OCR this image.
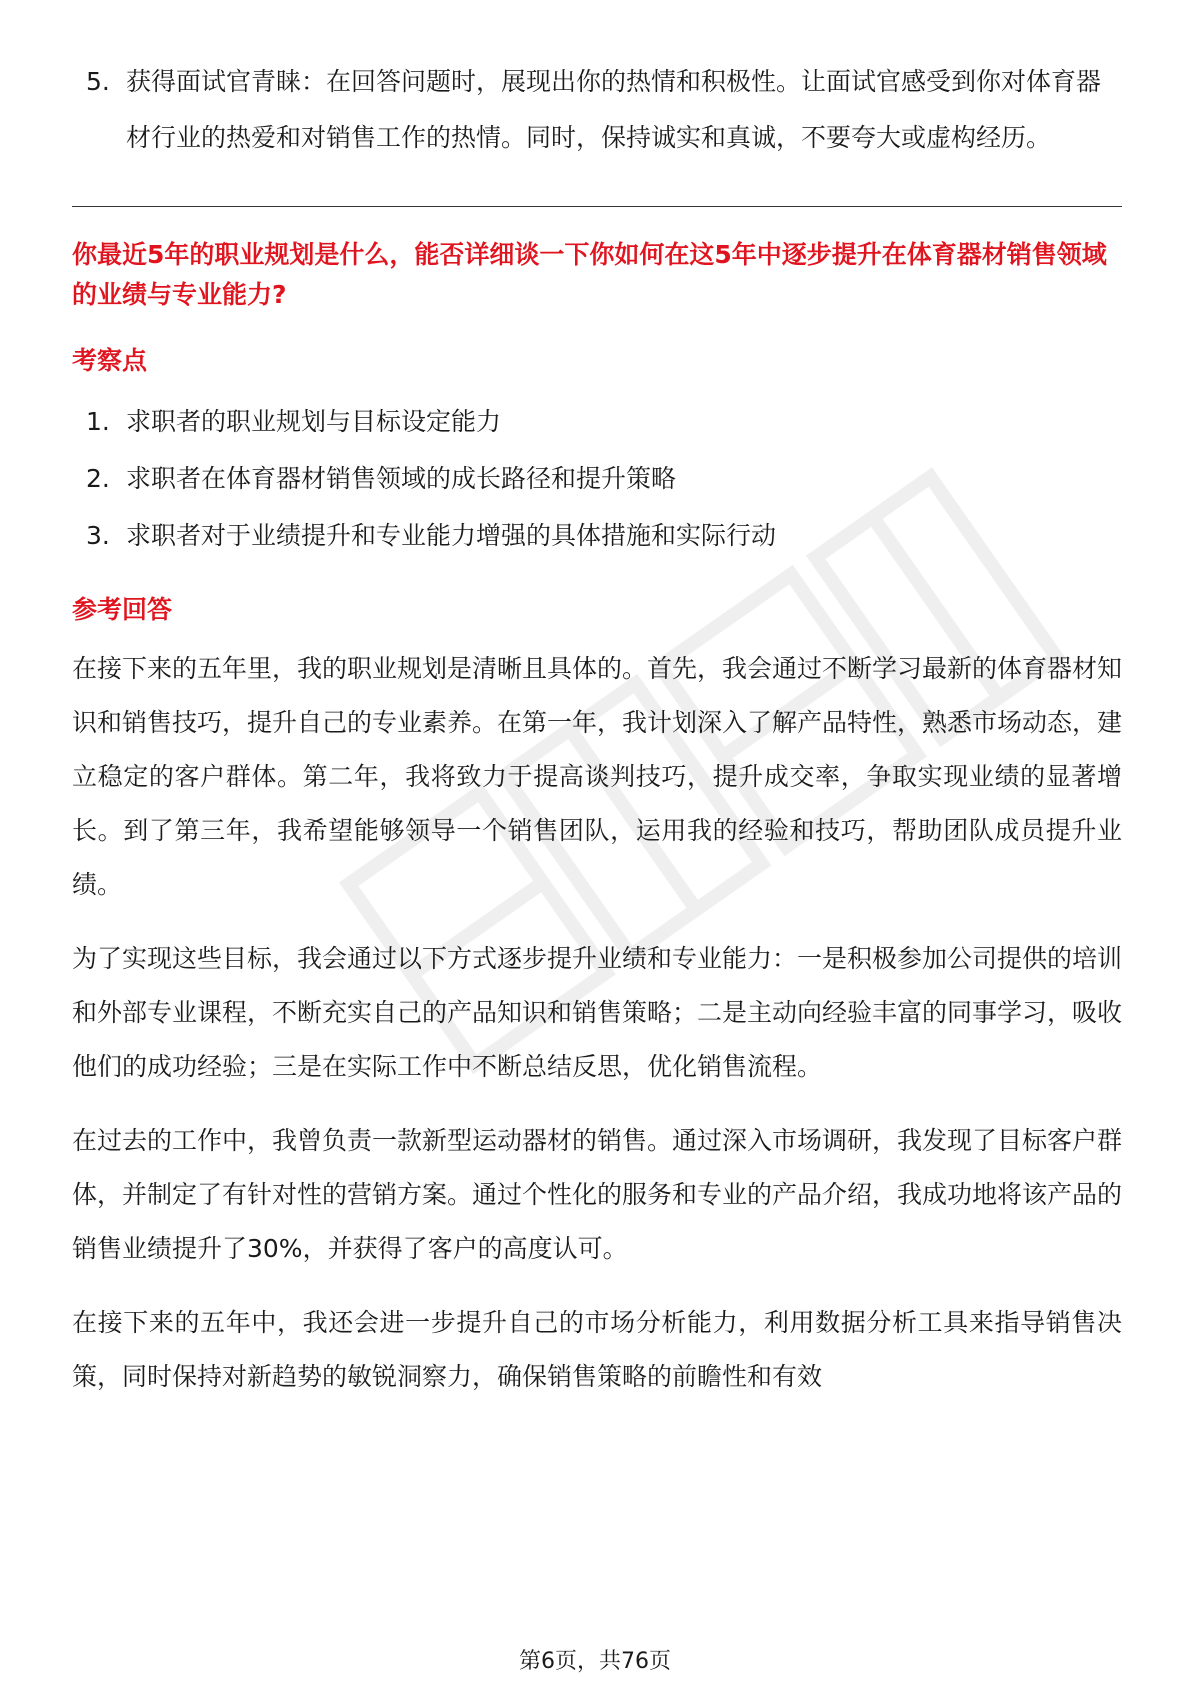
5. 获得面试官青睐：在回答问题时，展现出你的热情和积极性。让面试官感受到你对体育器材行业的热爱和对销售工作的热情。同时，保持诚实和真诚，不要夸大或虚构经历。
你最近5年的职业规划是什么，能否详细谈一下你如何在这5年中逐步提升在体育器材销售领域的业绩与专业能力?
考察点
1. 求职者的职业规划与目标设定能力
2. 求职者在体育器材销售领域的成长路径和提升策略
3. 求职者对于业绩提升和专业能力增强的具体措施和实际行动
参考回答

在接下来的五年里，我的职业规划是清晰且具体的。首先，我会通过不断学习最新的体育器材知识和销售技巧，提升自己的专业素养。在第一年，我计划深入了解产品特性，熟悉市场动态，建立稳定的客户群体。第二年，我将致力于提高谈判技巧，提升成交率，争取实现业绩的显著增长。到了第三年，我希望能够领导一个销售团队，运用我的经验和技巧，帮助团队成员提升业绩。

为了实现这些目标，我会通过以下方式逐步提升业绩和专业能力：一是积极参加公司提供的培训和外部专业课程，不断充实自己的产品知识和销售策略；二是主动向经验丰富的同事学习，吸收他们的成功经验；三是在实际工作中不断总结反思，优化销售流程。

在过去的工作中，我曾负责一款新型运动器材的销售。通过深入市场调研，我发现了目标客户群体，并制定了有针对性的营销方案。通过个性化的服务和专业的产品介绍，我成功地将该产品的销售业绩提升了30%，并获得了客户的高度认可。

在接下来的五年中，我还会进一步提升自己的市场分析能力，利用数据分析工具来指导销售决策，同时保持对新趋势的敏锐洞察力，确保销售策略的前瞻性和有效

第6页，共76页
